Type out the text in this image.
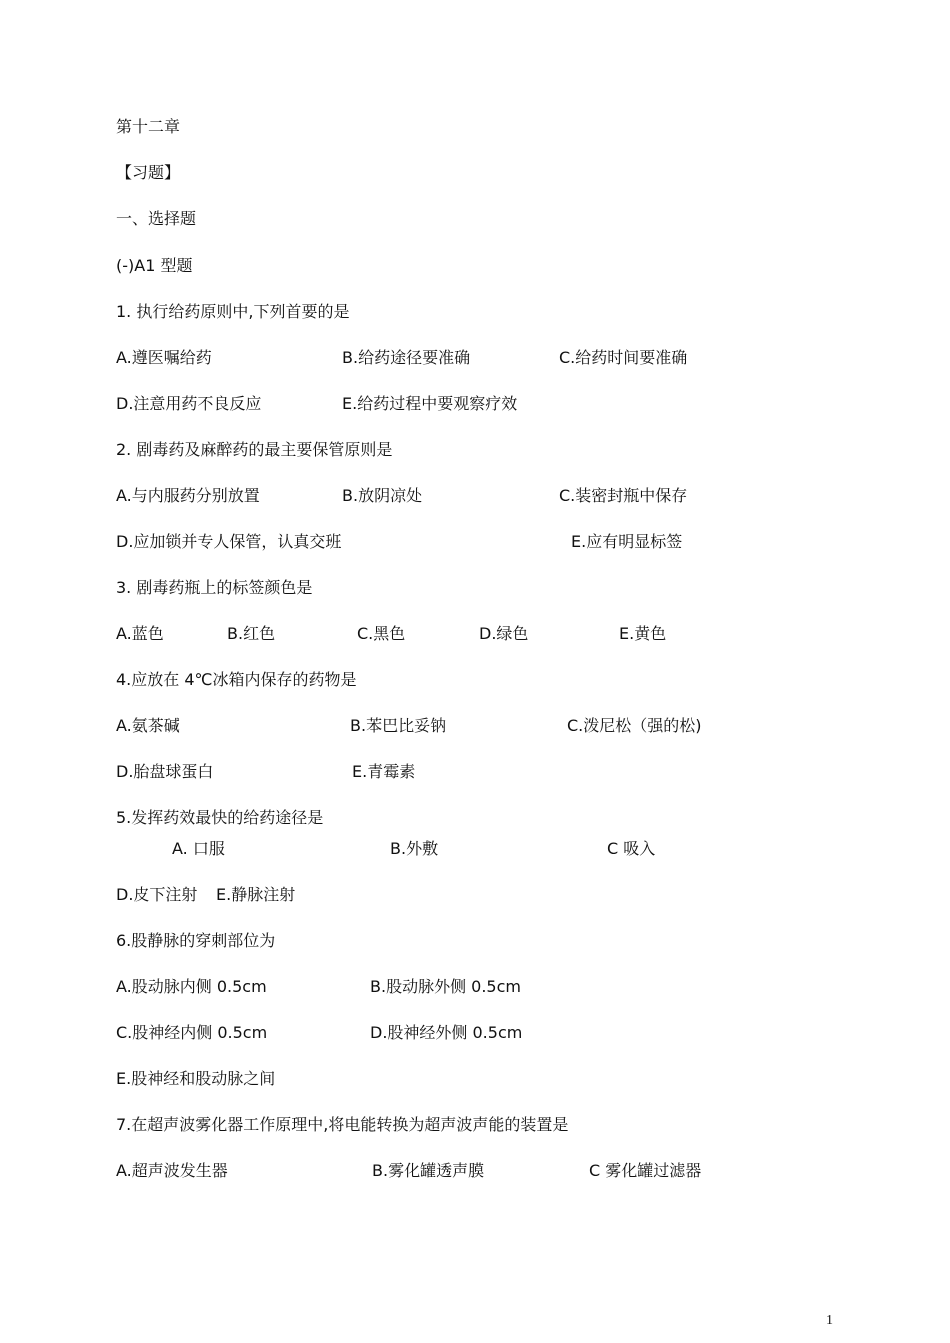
第十二章
【习题】
一、选择题
(-)A1 型题
1. 执行给药原则中,下列首要的是
A.遵医嘱给药	B.给药途径要准确	C.给药时间要准确
D.注意用药不良反应	E.给药过程中要观察疗效
2. 剧毒药及麻醉药的最主要保管原则是
A.与内服药分别放置	B.放阴凉处	C.装密封瓶中保存
D.应加锁并专人保管，认真交班	E.应有明显标签
3. 剧毒药瓶上的标签颜色是
A.蓝色	B.红色	C.黑色	D.绿色	E.黄色
4.应放在 4℃冰箱内保存的药物是
A.氨茶碱	B.苯巴比妥钠	C.泼尼松（强的松)
D.胎盘球蛋白	E.青霉素
5.发挥药效最快的给药途径是
A. 口服	B.外敷	C 吸入
D.皮下注射 E.静脉注射
6.股静脉的穿刺部位为
A.股动脉内侧 0.5cm	B.股动脉外侧 0.5cm
C.股神经内侧 0.5cm	D.股神经外侧 0.5cm
E.股神经和股动脉之间
7.在超声波雾化器工作原理中,将电能转换为超声波声能的装置是
A.超声波发生器	B.雾化罐透声膜	C 雾化罐过滤器
1
